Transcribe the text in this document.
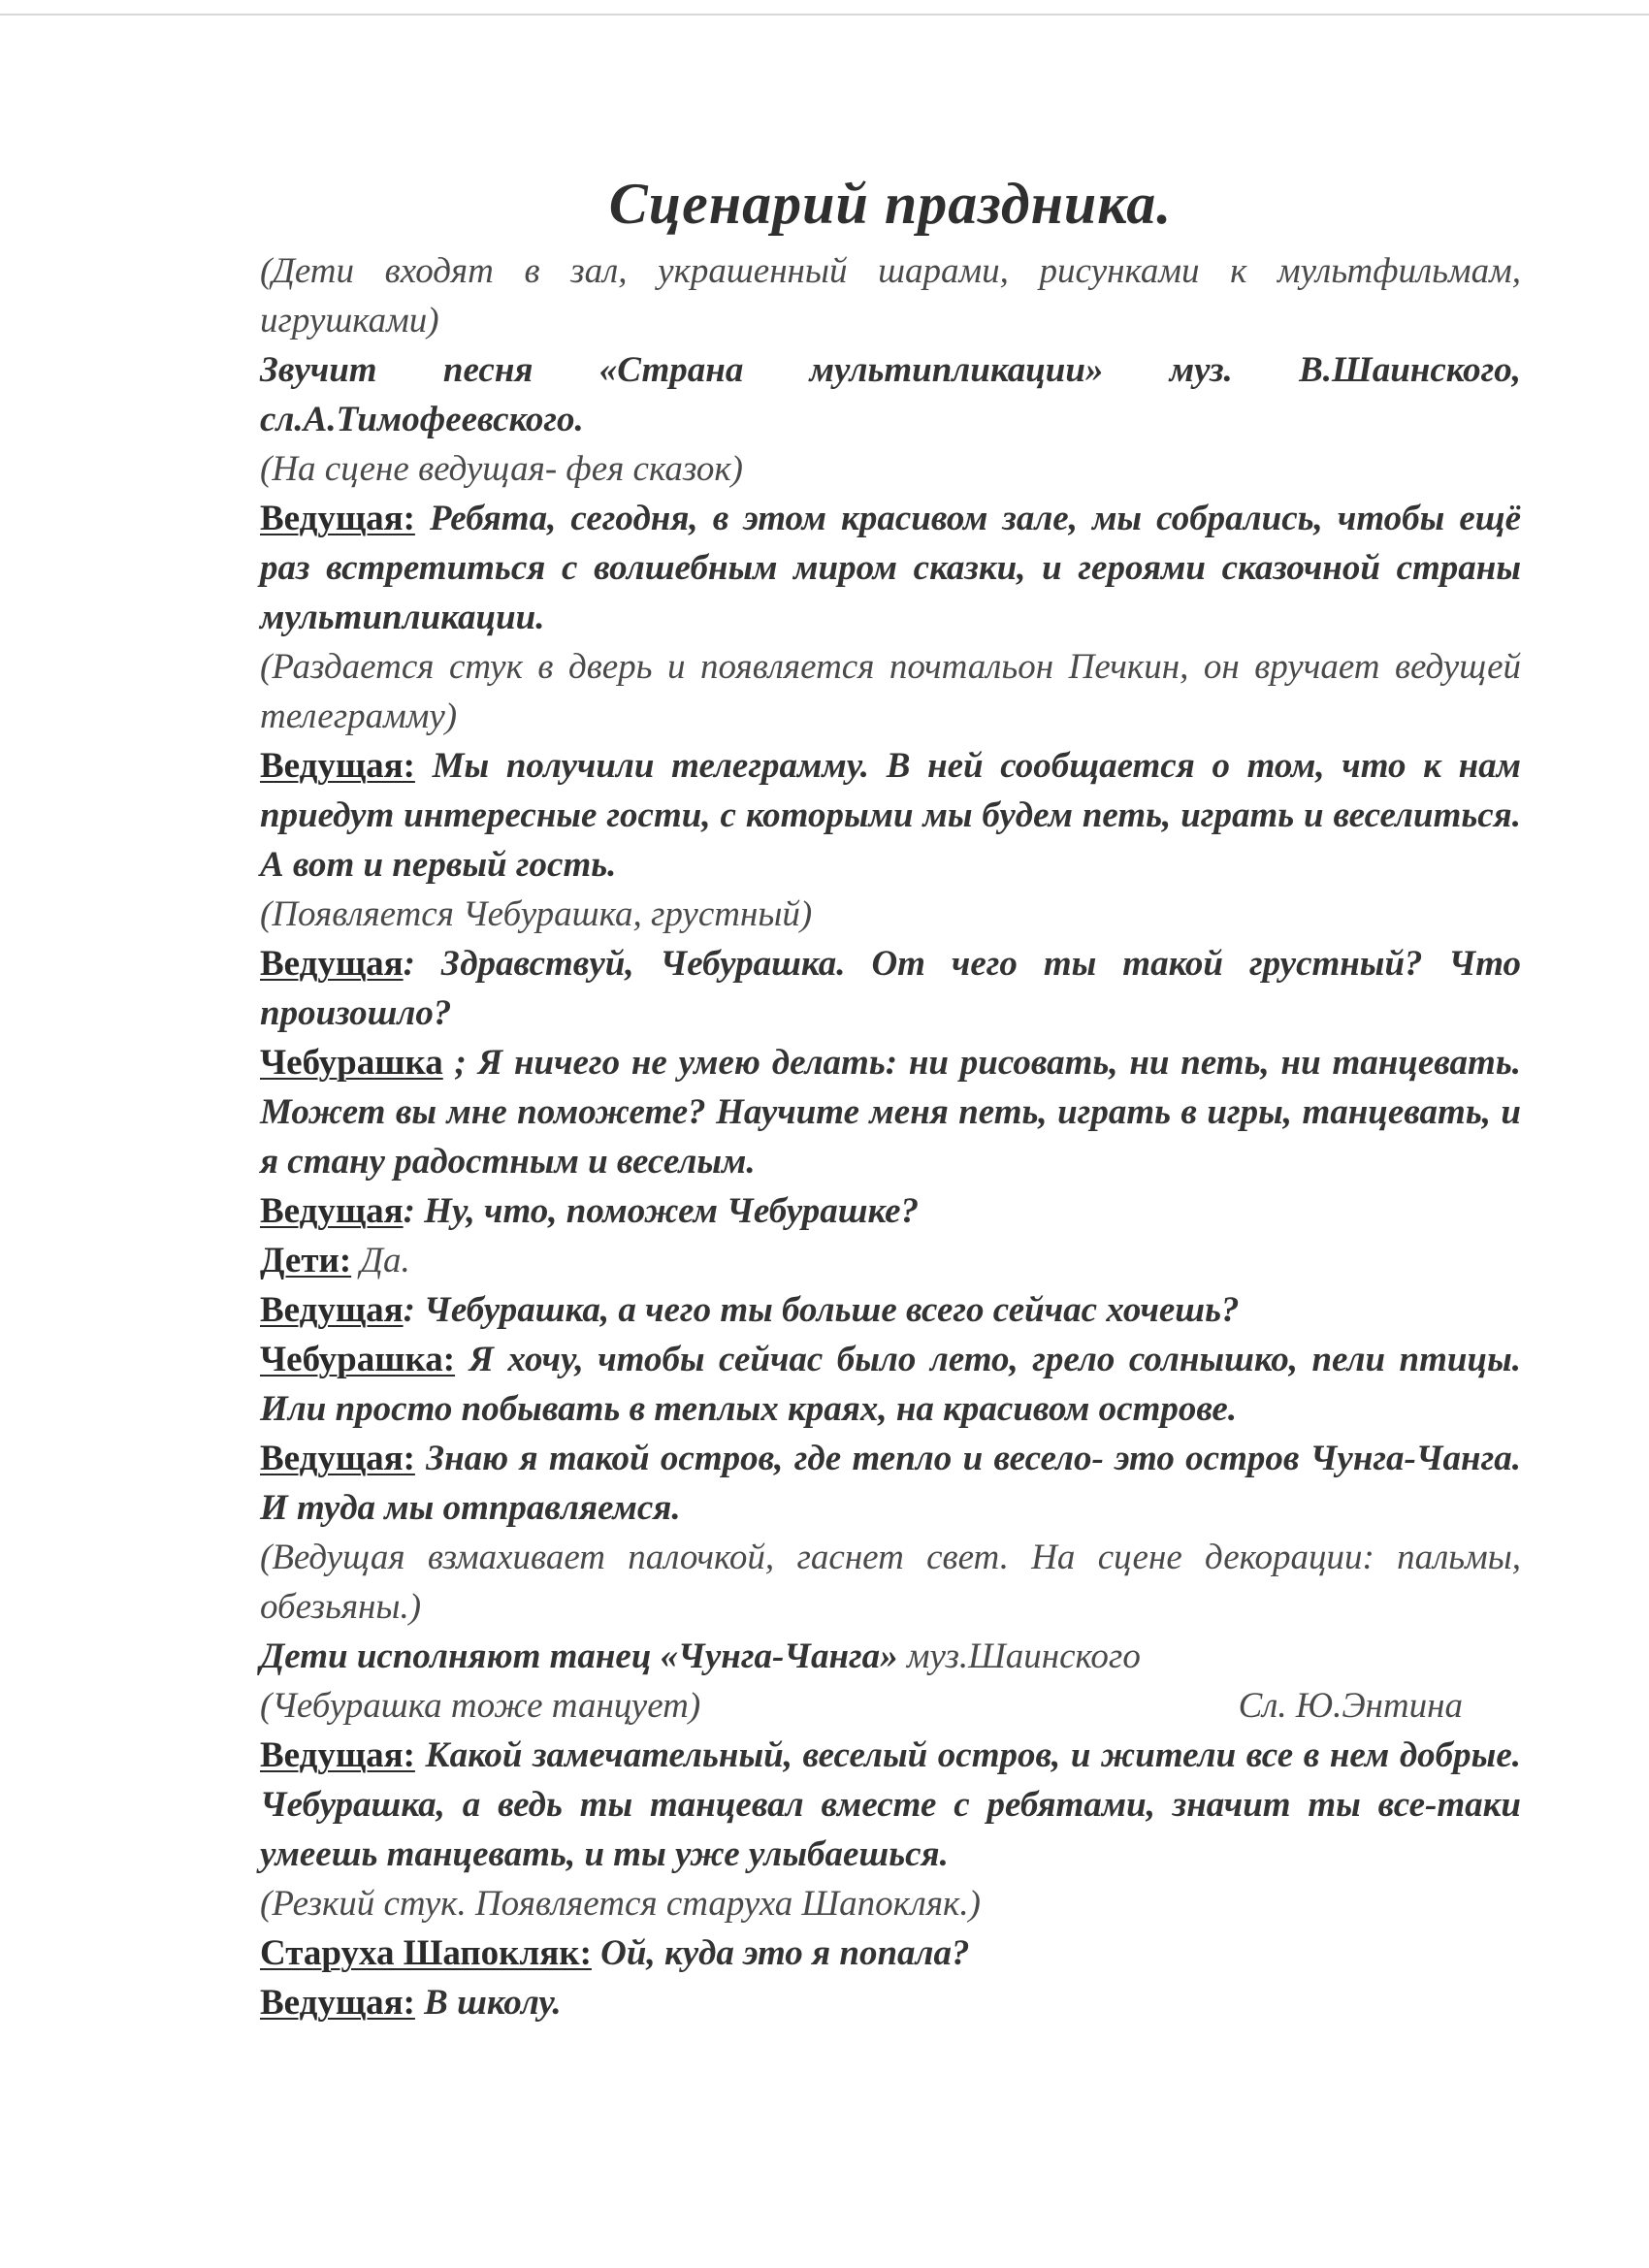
Сценарий праздника.

(Дети входят в зал, украшенный шарами, рисунками к мультфильмам, игрушками)

Звучит песня «Страна мультипликации» муз. В.Шаинского, сл.А.Тимофеевского.

(На сцене ведущая- фея сказок)

Ведущая: Ребята, сегодня, в этом красивом зале, мы собрались, чтобы ещё раз встретиться с волшебным миром сказки, и героями сказочной страны мультипликации.

(Раздается стук в дверь и появляется почтальон Печкин, он вручает ведущей телеграмму)

Ведущая: Мы получили телеграмму. В ней сообщается о том, что к нам приедут интересные гости, с которыми мы будем петь, играть и веселиться. А вот и первый гость.

(Появляется Чебурашка, грустный)

Ведущая: Здравствуй, Чебурашка. От чего ты такой грустный? Что произошло?

Чебурашка ; Я ничего не умею делать: ни рисовать, ни петь, ни танцевать. Может вы мне поможете? Научите меня петь, играть в игры, танцевать, и я стану радостным и веселым.

Ведущая: Ну, что, поможем Чебурашке?

Дети: Да.

Ведущая: Чебурашка, а чего ты больше всего сейчас хочешь?

Чебурашка: Я хочу, чтобы сейчас было лето, грело солнышко, пели птицы. Или просто побывать в теплых краях, на красивом острове.

Ведущая: Знаю я такой остров, где тепло и весело- это остров Чунга-Чанга. И туда мы отправляемся.

(Ведущая взмахивает палочкой, гаснет свет. На сцене декорации: пальмы, обезьяны.)

Дети исполняют танец «Чунга-Чанга» муз.Шаинского
(Чебурашка тоже танцует)	Сл. Ю.Энтина

Ведущая: Какой замечательный, веселый остров, и жители все в нем добрые. Чебурашка, а ведь ты танцевал вместе с ребятами, значит ты все-таки умеешь танцевать, и ты уже улыбаешься.

(Резкий стук. Появляется старуха Шапокляк.)

Старуха Шапокляк: Ой, куда это я попала?

Ведущая: В школу.
